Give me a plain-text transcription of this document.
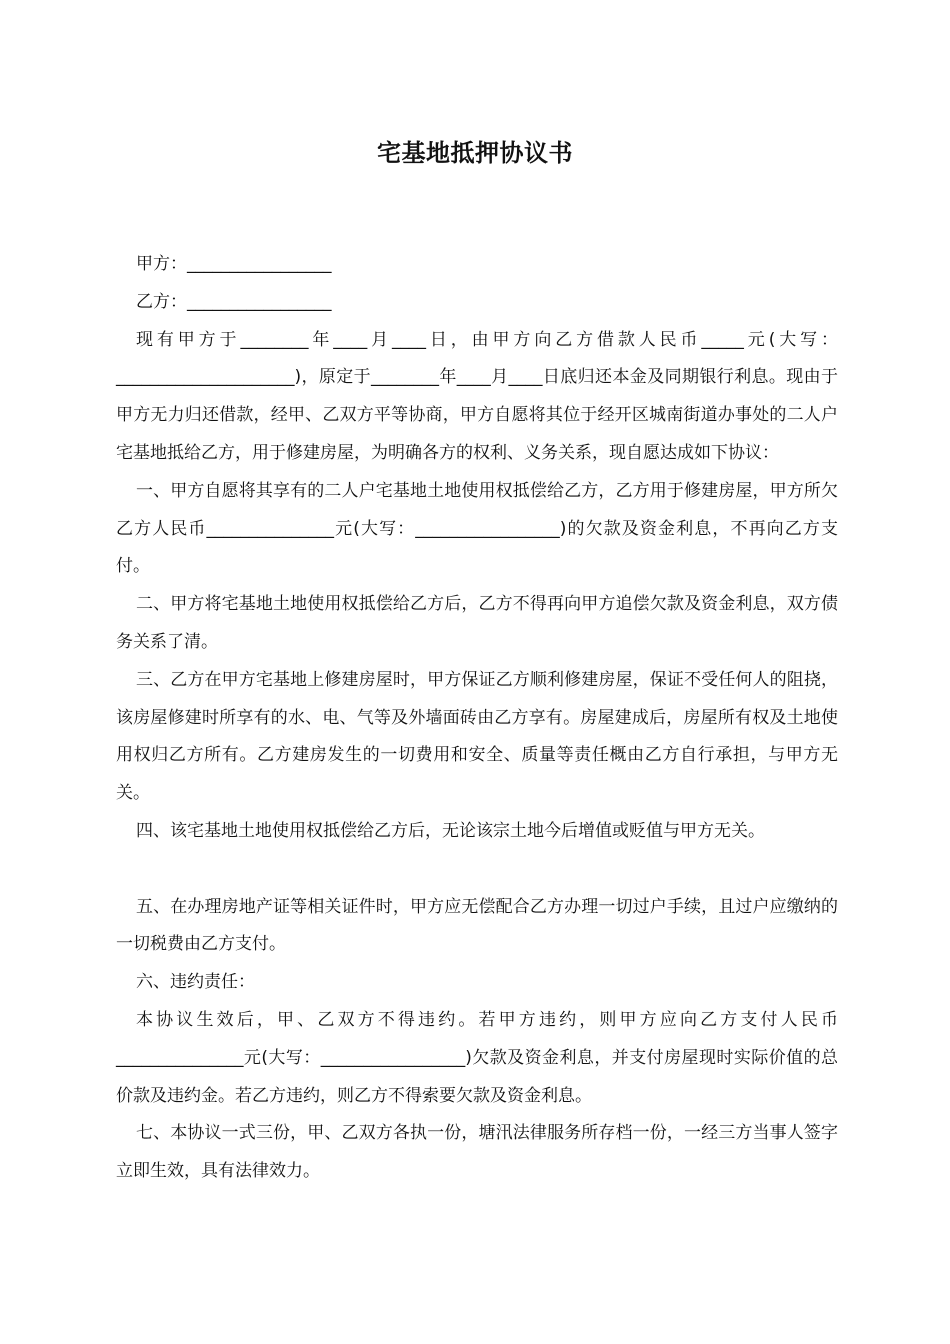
宅基地抵押协议书

甲方：_________________

乙方：_________________

现有甲方于________年____月____日，由甲方向乙方借款人民币_____元(大写：_____________________)，原定于________年____月____日底归还本金及同期银行利息。现由于甲方无力归还借款，经甲、乙双方平等协商，甲方自愿将其位于经开区城南街道办事处的二人户宅基地抵给乙方，用于修建房屋，为明确各方的权利、义务关系，现自愿达成如下协议：

一、甲方自愿将其享有的二人户宅基地土地使用权抵偿给乙方，乙方用于修建房屋，甲方所欠乙方人民币_______________元(大写：_________________)的欠款及资金利息，不再向乙方支付。

二、甲方将宅基地土地使用权抵偿给乙方后，乙方不得再向甲方追偿欠款及资金利息，双方债务关系了清。

三、乙方在甲方宅基地上修建房屋时，甲方保证乙方顺利修建房屋，保证不受任何人的阻挠，该房屋修建时所享有的水、电、气等及外墙面砖由乙方享有。房屋建成后，房屋所有权及土地使用权归乙方所有。乙方建房发生的一切费用和安全、质量等责任概由乙方自行承担，与甲方无关。

四、该宅基地土地使用权抵偿给乙方后，无论该宗土地今后增值或贬值与甲方无关。

五、在办理房地产证等相关证件时，甲方应无偿配合乙方办理一切过户手续，且过户应缴纳的一切税费由乙方支付。

六、违约责任：

本协议生效后，甲、乙双方不得违约。若甲方违约，则甲方应向乙方支付人民币_______________元(大写：_________________)欠款及资金利息，并支付房屋现时实际价值的总价款及违约金。若乙方违约，则乙方不得索要欠款及资金利息。

七、本协议一式三份，甲、乙双方各执一份，塘汛法律服务所存档一份，一经三方当事人签字立即生效，具有法律效力。
